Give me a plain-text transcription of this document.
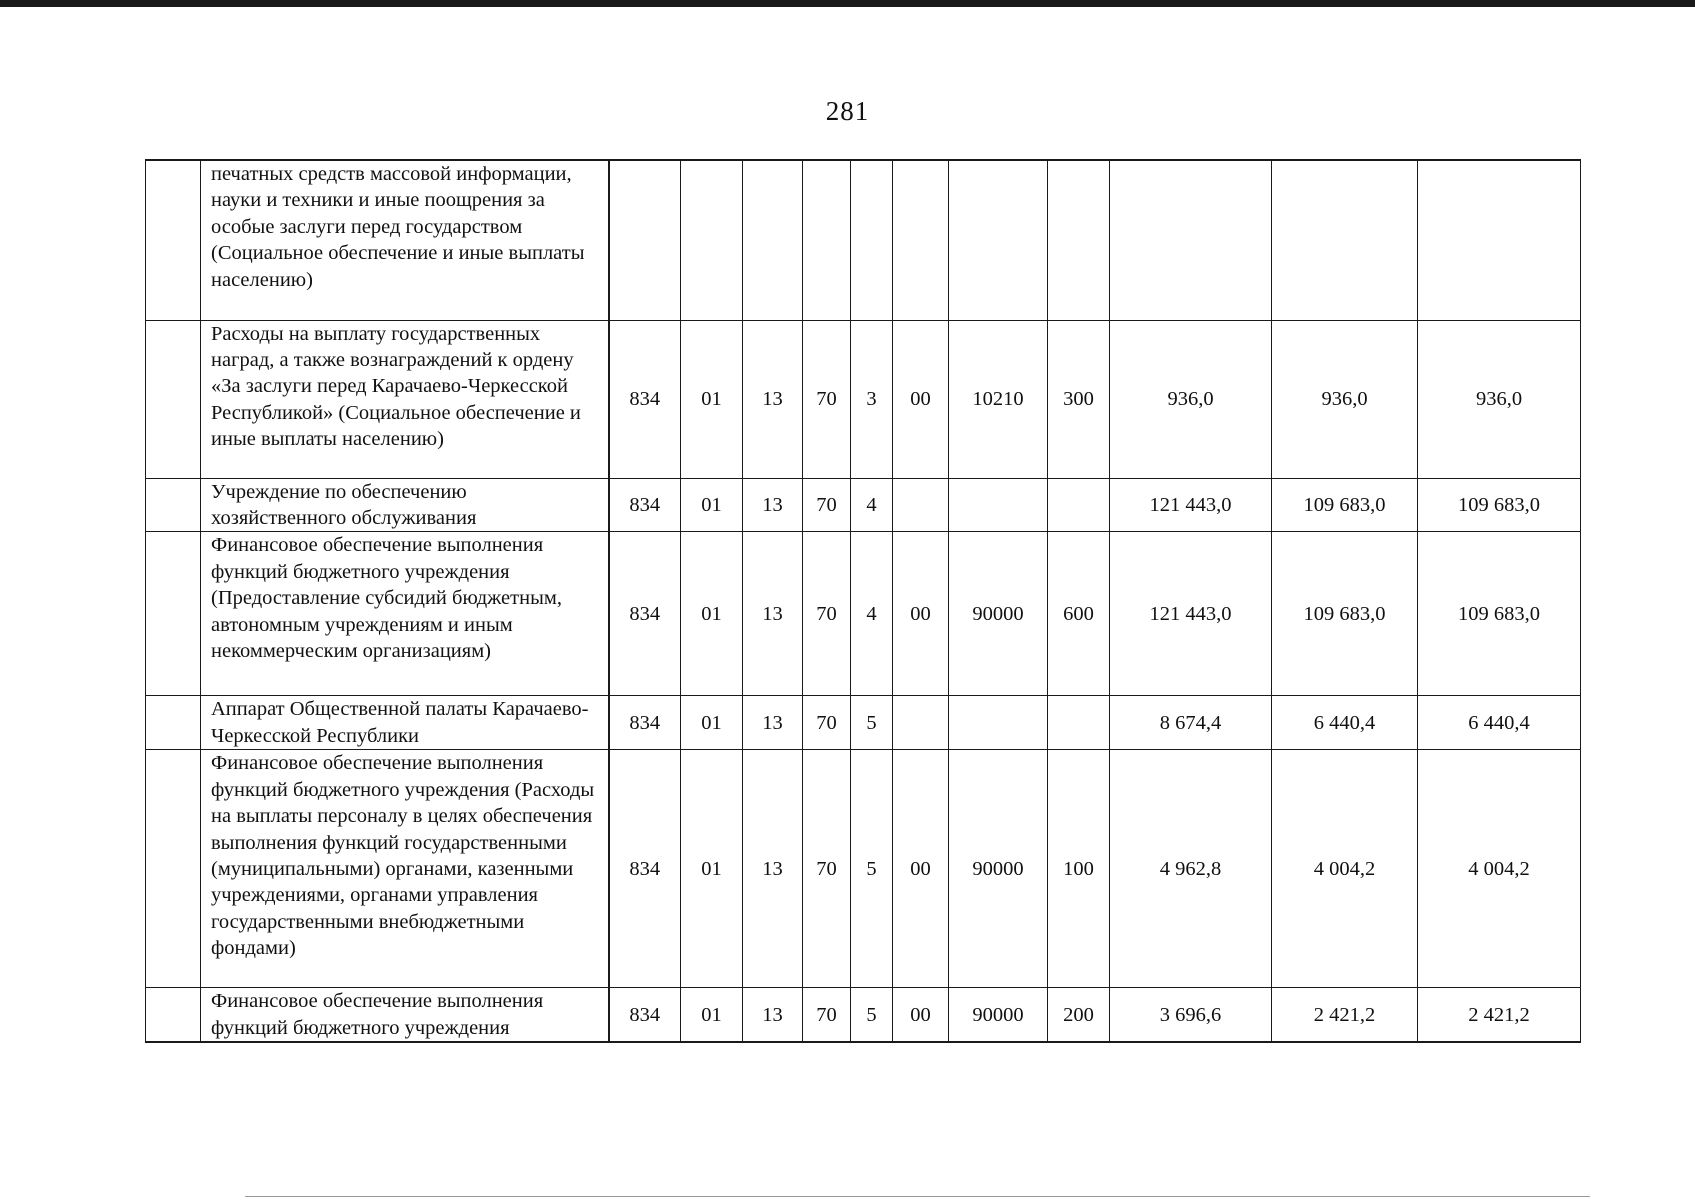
281
	печатных средств массовой информации, науки и техники и иные поощрения за особые заслуги перед государством (Социальное обеспечение и иные выплаты населению)											
	Расходы на выплату государственных наград, а также вознаграждений к ордену «За заслуги перед Карачаево-Черкесской Республикой» (Социальное обеспечение и иные выплаты населению)	834	01	13	70	3	00	10210	300	936,0	936,0	936,0
	Учреждение по обеспечению хозяйственного обслуживания	834	01	13	70	4				121 443,0	109 683,0	109 683,0
	Финансовое обеспечение выполнения функций бюджетного учреждения (Предоставление субсидий бюджетным, автономным учреждениям и иным некоммерческим организациям)	834	01	13	70	4	00	90000	600	121 443,0	109 683,0	109 683,0
	Аппарат Общественной палаты Карачаево-Черкесской Республики	834	01	13	70	5				8 674,4	6 440,4	6 440,4
	Финансовое обеспечение выполнения функций бюджетного учреждения (Расходы на выплаты персоналу в целях обеспечения выполнения функций государственными (муниципальными) органами, казенными учреждениями, органами управления государственными внебюджетными фондами)	834	01	13	70	5	00	90000	100	4 962,8	4 004,2	4 004,2
	Финансовое обеспечение выполнения функций бюджетного учреждения	834	01	13	70	5	00	90000	200	3 696,6	2 421,2	2 421,2
